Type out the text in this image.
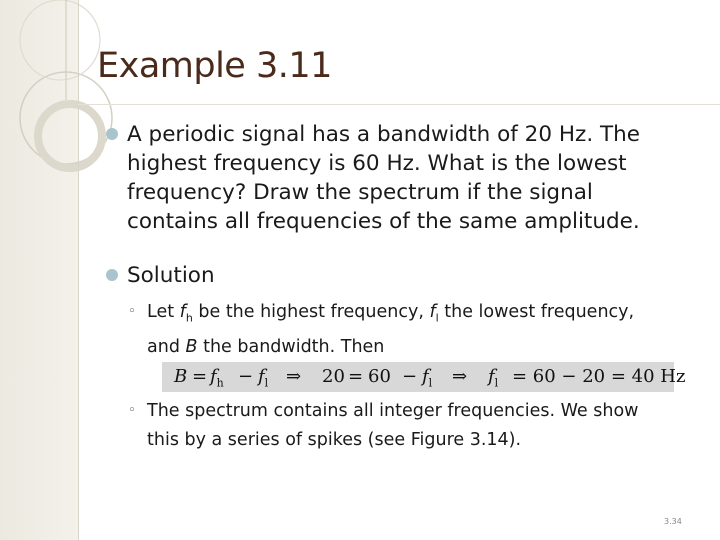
Example 3.11
A periodic signal has a bandwidth of 20 Hz. The
highest frequency is 60 Hz. What is the lowest
frequency? Draw the spectrum if the signal
contains all frequencies of the same amplitude.
Solution
◦ Let $f_h$ be the highest frequency, $f_l$ the lowest frequency,
and B the bandwidth. Then
$B = f_h - f_l$ ⇒ $20 = 60 - f_l$ ⇒ $f_l = 60 - 20 = 40$ Hz
◦ The spectrum contains all integer frequencies. We show
this by a series of spikes (see Figure 3.14).
3.34
